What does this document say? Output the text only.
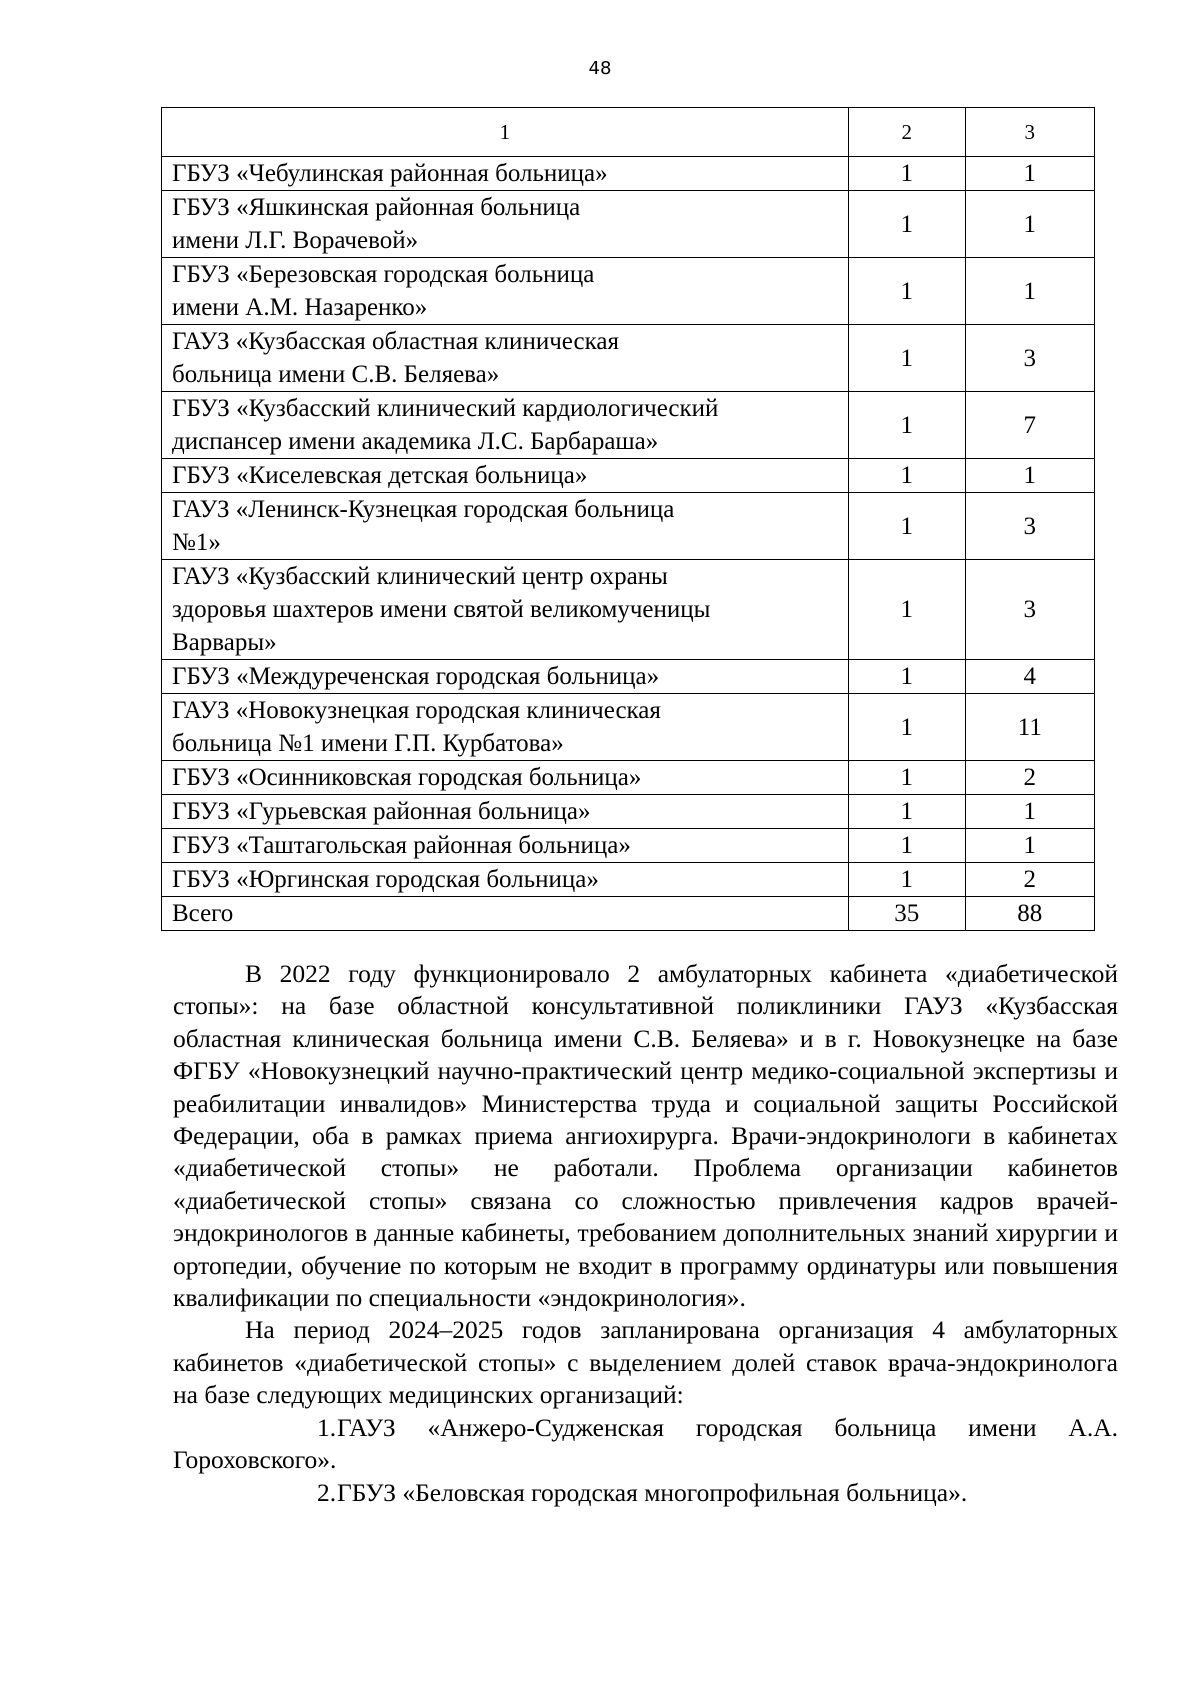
48
1	2	3
ГБУЗ «Чебулинская районная больница»	1	1
ГБУЗ «Яшкинская районная больница
имени Л.Г. Ворачевой»	1	1
ГБУЗ «Березовская городская больница
имени А.М. Назаренко»	1	1
ГАУЗ «Кузбасская областная клиническая
больница имени С.В. Беляева»	1	3
ГБУЗ «Кузбасский клинический кардиологический
диспансер имени академика Л.С. Барбараша»	1	7
ГБУЗ «Киселевская детская больница»	1	1
ГАУЗ «Ленинск-Кузнецкая городская больница
№1»	1	3
ГАУЗ «Кузбасский клинический центр охраны
здоровья шахтеров имени святой великомученицы
Варвары»	1	3
ГБУЗ «Междуреченская городская больница»	1	4
ГАУЗ «Новокузнецкая городская клиническая
больница №1 имени Г.П. Курбатова»	1	11
ГБУЗ «Осинниковская городская больница»	1	2
ГБУЗ «Гурьевская районная больница»	1	1
ГБУЗ «Таштагольская районная больница»	1	1
ГБУЗ «Юргинская городская больница»	1	2
Всего	35	88

В 2022 году функционировало 2 амбулаторных кабинета «диабетической стопы»: на базе областной консультативной поликлиники ГАУЗ «Кузбасская областная клиническая больница имени С.В. Беляева» и в г. Новокузнецке на базе ФГБУ «Новокузнецкий научно-практический центр медико-социальной экспертизы и реабилитации инвалидов» Министерства труда и социальной защиты Российской Федерации, оба в рамках приема ангиохирурга. Врачи-эндокринологи в кабинетах «диабетической стопы» не работали. Проблема организации кабинетов «диабетической стопы» связана со сложностью привлечения кадров врачей-эндокринологов в данные кабинеты, требованием дополнительных знаний хирургии и ортопедии, обучение по которым не входит в программу ординатуры или повышения квалификации по специальности «эндокринология».

На период 2024–2025 годов запланирована организация 4 амбулаторных кабинетов «диабетической стопы» с выделением долей ставок врача-эндокринолога на базе следующих медицинских организаций:

1.ГАУЗ «Анжеро-Судженская городская больница имени А.А. Гороховского».

2.ГБУЗ «Беловская городская многопрофильная больница».
